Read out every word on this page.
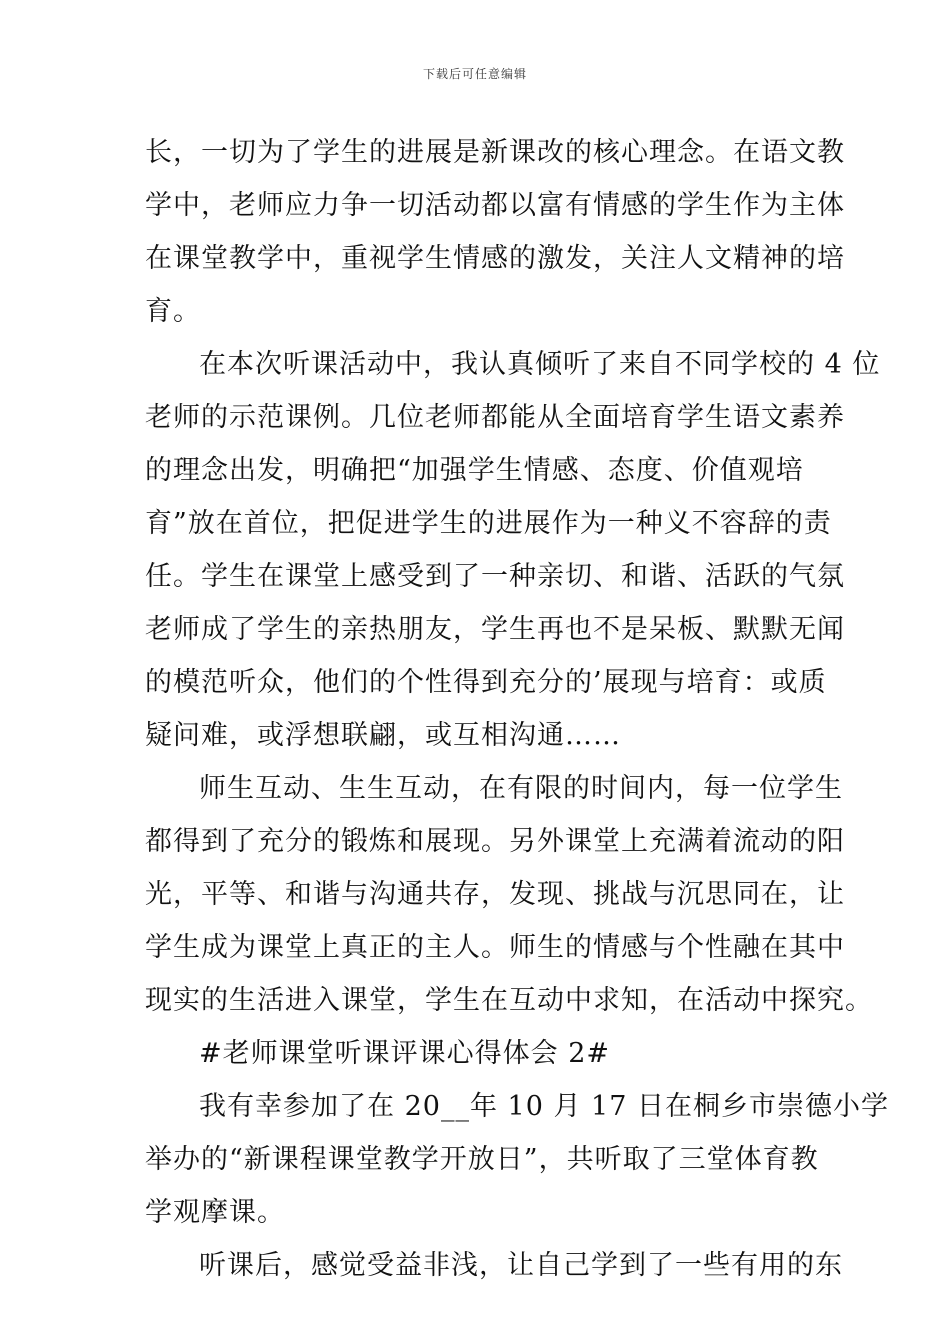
下载后可任意编辑
长，一切为了学生的进展是新课改的核心理念。在语文教
学中，老师应力争一切活动都以富有情感的学生作为主体
在课堂教学中，重视学生情感的激发，关注人文精神的培
育。
在本次听课活动中，我认真倾听了来自不同学校的 4 位
老师的示范课例。几位老师都能从全面培育学生语文素养
的理念出发，明确把“加强学生情感、态度、价值观培
育”放在首位，把促进学生的进展作为一种义不容辞的责
任。学生在课堂上感受到了一种亲切、和谐、活跃的气氛
老师成了学生的亲热朋友，学生再也不是呆板、默默无闻
的模范听众，他们的个性得到充分的’展现与培育：或质
疑问难，或浮想联翩，或互相沟通……
师生互动、生生互动，在有限的时间内，每一位学生
都得到了充分的锻炼和展现。另外课堂上充满着流动的阳
光，平等、和谐与沟通共存，发现、挑战与沉思同在，让
学生成为课堂上真正的主人。师生的情感与个性融在其中
现实的生活进入课堂，学生在互动中求知，在活动中探究。
#老师课堂听课评课心得体会 2#
我有幸参加了在 20__年 10 月 17 日在桐乡市崇德小学
举办的“新课程课堂教学开放日”，共听取了三堂体育教
学观摩课。
听课后，感觉受益非浅，让自己学到了一些有用的东
